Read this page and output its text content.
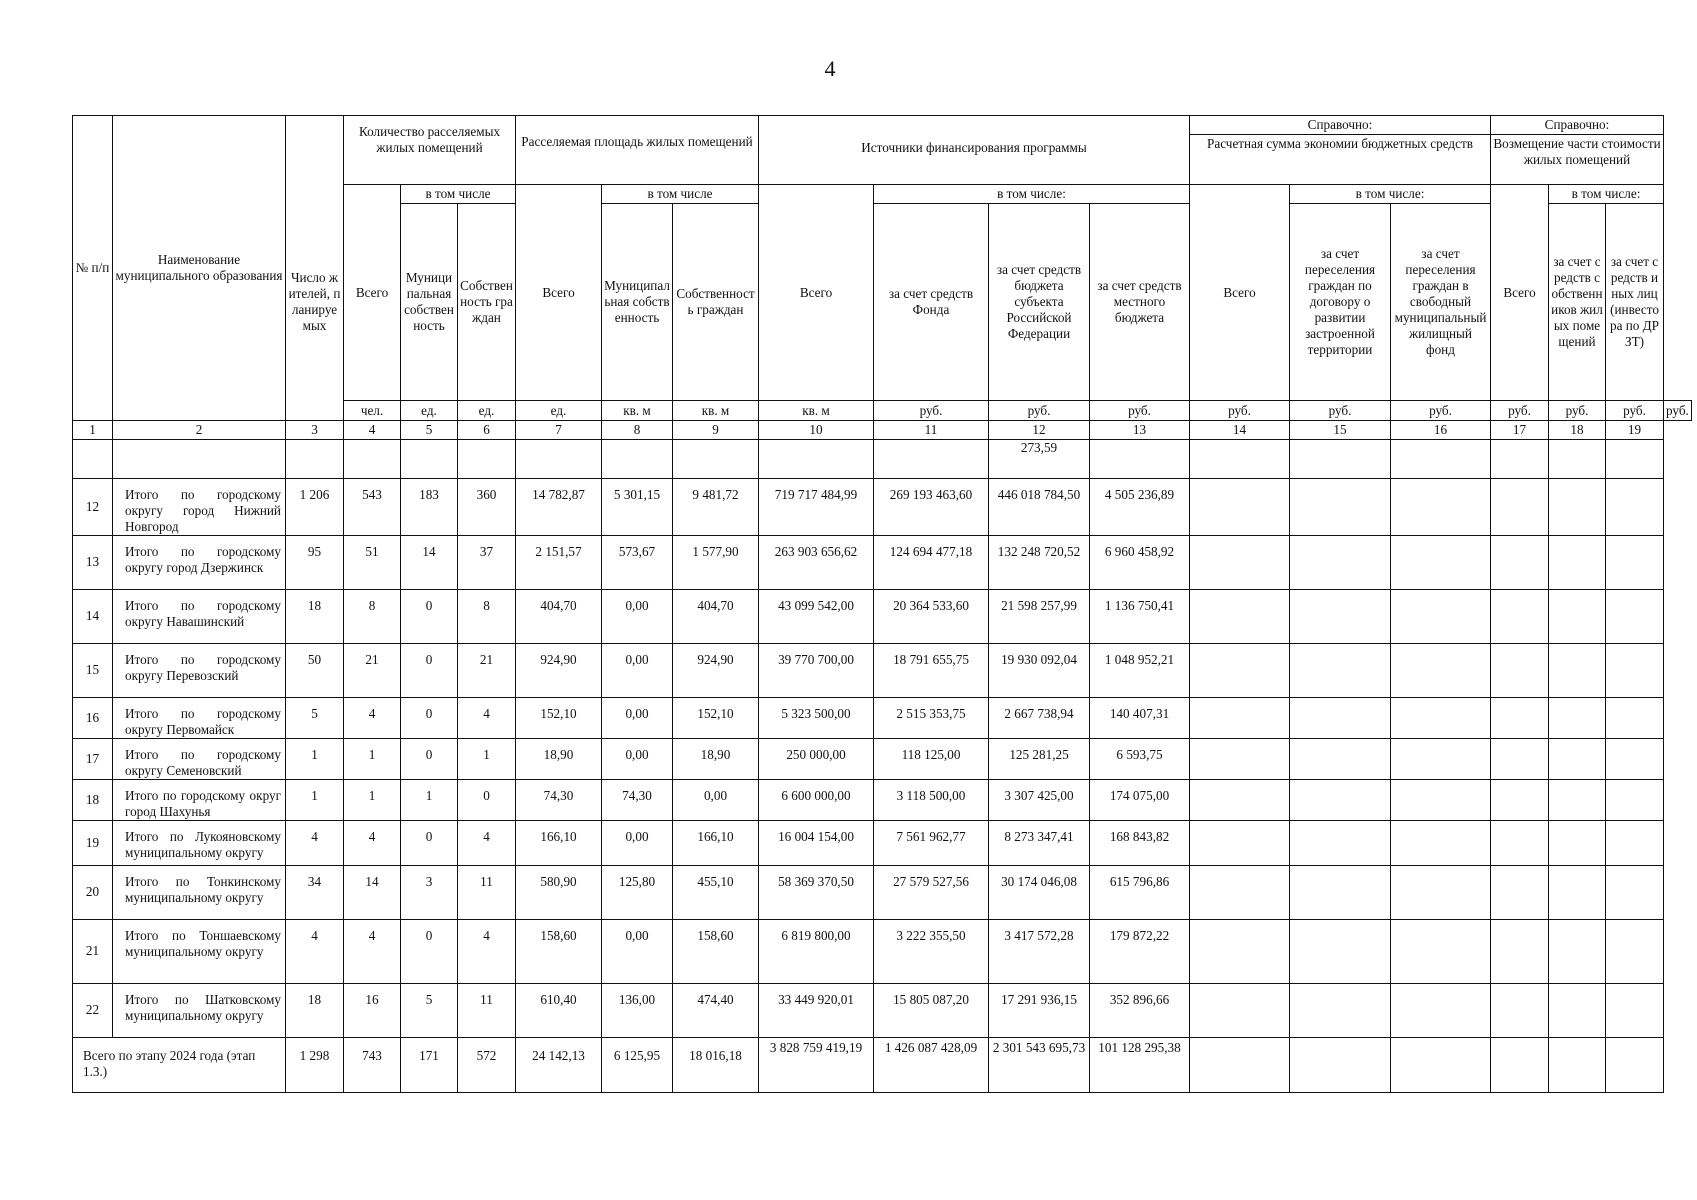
4
№ п/п	Наименование муниципального образования	Число жителей, планируемых	Количество расселяемых жилых помещений			Расселяемая площадь жилых помещений			Источники финансирования программы				Справочно:			Справочно:			
													Расчетная сумма экономии бюджетных средств			Возмещение части стоимости жилых помещений			
			Всего	в том числе		Всего	в том числе		Всего	в том числе:			Всего	в том числе:		Всего	в том числе:		
				Муниципальная собственность	Собственность граждан		Муниципальная собственность	Собственность граждан		за счет средств Фонда	за счет средств бюджета субъекта Российской Федерации	за счет средств местного бюджета		за счет переселения граждан по договору о развитии застроенной территории	за счет переселения граждан в свободный муниципальный жилищный фонд		за счет средств собственников жилых помещений	за счет средств иных лиц (инвестора по ДРЗТ)	
			чел.	ед.	ед.	ед.	кв. м	кв. м	кв. м	руб.	руб.	руб.	руб.	руб.	руб.	руб.	руб.	руб.	руб.
1	2	3	4	5	6	7	8	9	10	11	12	13	14	15	16	17	18	19	
											273,59								
12	Итого по городскому округу город Нижний Новгород	1 206	543	183	360	14 782,87	5 301,15	9 481,72	719 717 484,99	269 193 463,60	446 018 784,50	4 505 236,89							
13	Итого по городскому округу город Дзержинск	95	51	14	37	2 151,57	573,67	1 577,90	263 903 656,62	124 694 477,18	132 248 720,52	6 960 458,92							
14	Итого по городскому округу Навашинский	18	8	0	8	404,70	0,00	404,70	43 099 542,00	20 364 533,60	21 598 257,99	1 136 750,41							
15	Итого по городскому округу Перевозский	50	21	0	21	924,90	0,00	924,90	39 770 700,00	18 791 655,75	19 930 092,04	1 048 952,21							
16	Итого по городскому округу Первомайск	5	4	0	4	152,10	0,00	152,10	5 323 500,00	2 515 353,75	2 667 738,94	140 407,31							
17	Итого по городскому округу Семеновский	1	1	0	1	18,90	0,00	18,90	250 000,00	118 125,00	125 281,25	6 593,75							
18	Итого по городскому округ город Шахунья	1	1	1	0	74,30	74,30	0,00	6 600 000,00	3 118 500,00	3 307 425,00	174 075,00							
19	Итого по Лукояновскому муниципальному округу	4	4	0	4	166,10	0,00	166,10	16 004 154,00	7 561 962,77	8 273 347,41	168 843,82							
20	Итого по Тонкинскому муниципальному округу	34	14	3	11	580,90	125,80	455,10	58 369 370,50	27 579 527,56	30 174 046,08	615 796,86							
21	Итого по Тоншаевскому муниципальному округу	4	4	0	4	158,60	0,00	158,60	6 819 800,00	3 222 355,50	3 417 572,28	179 872,22							
22	Итого по Шатковскому муниципальному округу	18	16	5	11	610,40	136,00	474,40	33 449 920,01	15 805 087,20	17 291 936,15	352 896,66							
Всего по этапу 2024 года (этап 1.3.)		1 298	743	171	572	24 142,13	6 125,95	18 016,18	3 828 759 419,19	1 426 087 428,09	2 301 543 695,73	101 128 295,38							
